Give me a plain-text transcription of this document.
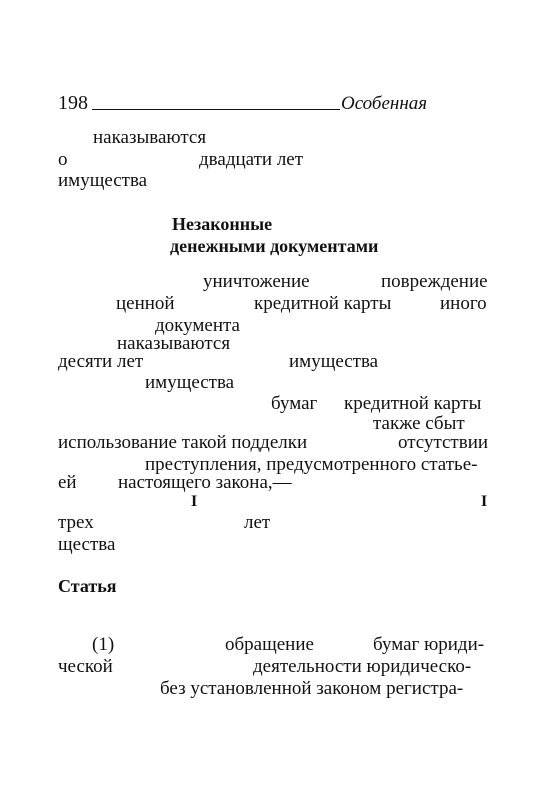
198	Особенная
наказываются
о	двадцати лет
имущества
Незаконные
денежными документами
уничтожение	повреждение
ценной	кредитной карты	иного
документа
наказываются
десяти лет	имущества
имущества
бумаг кредитной карты
также сбыт
использование такой подделки	отсутствии
преступления, предусмотренного статье-
ей настоящего закона,—
I	I
трех	лет
щества
Статья
(1)	обращение	бумаг юриди-
ческой	деятельности юридическо-
без установленной законом регистра-
